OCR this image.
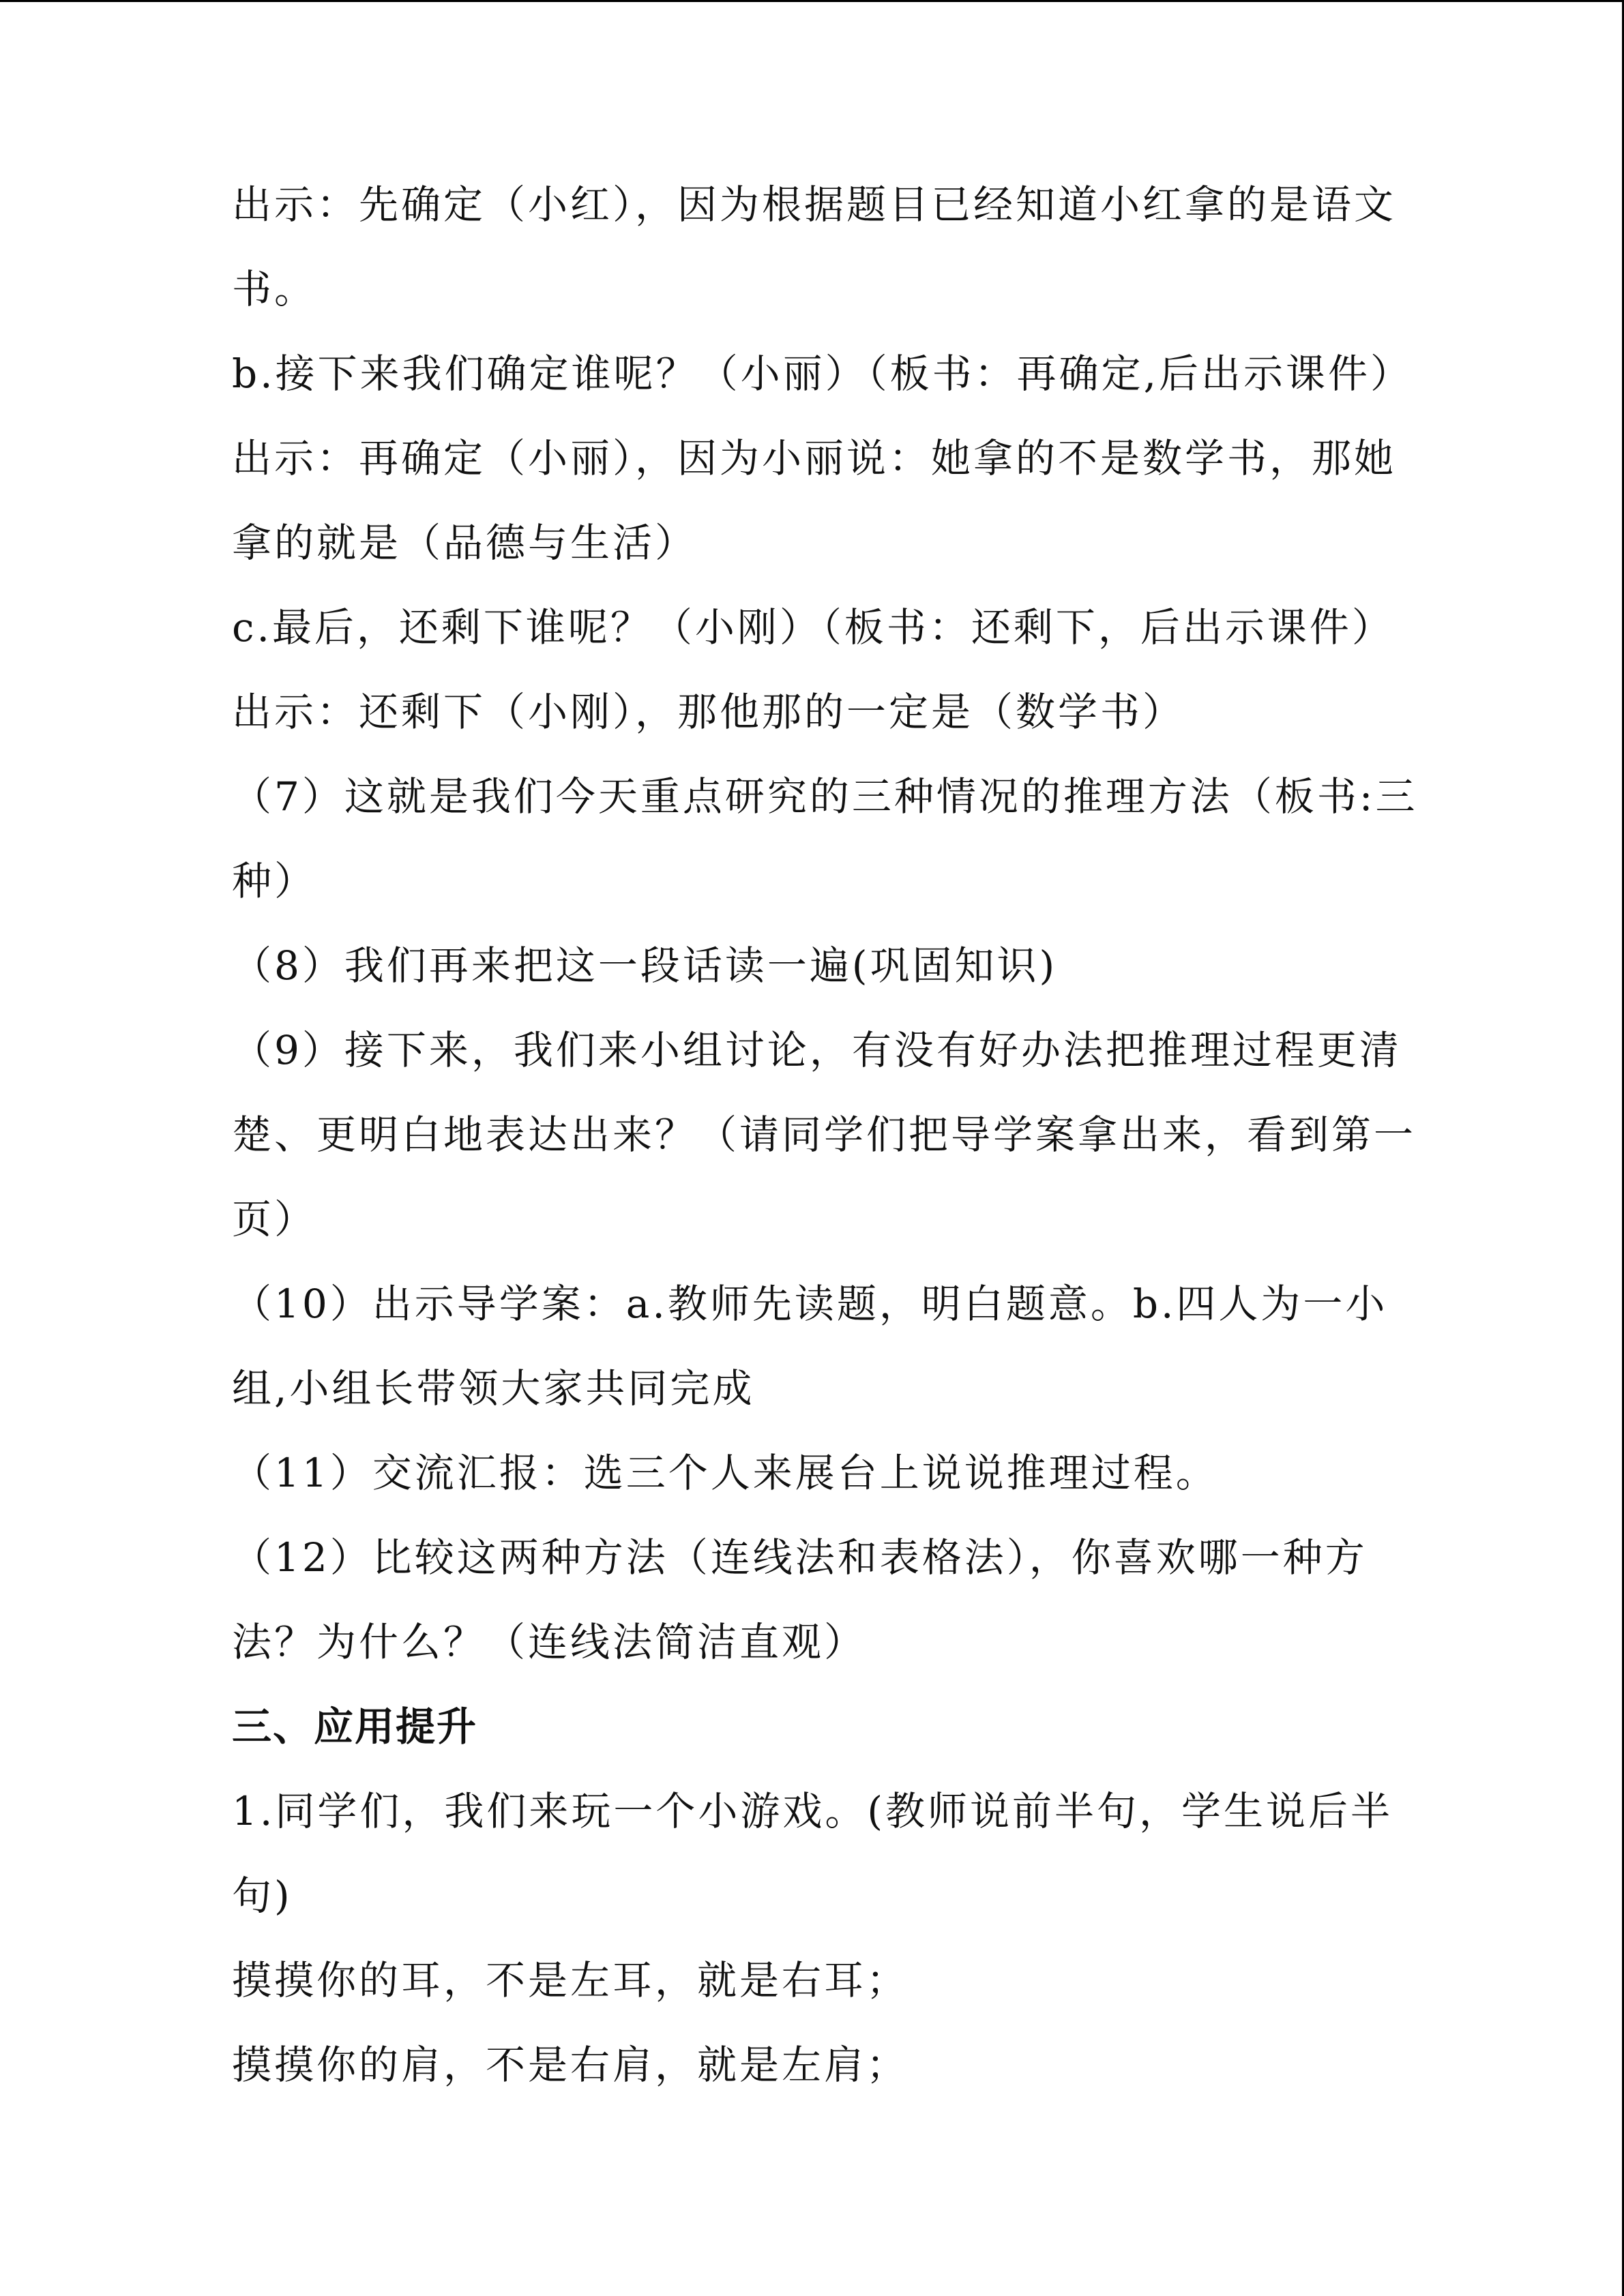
出示：先确定（小红），因为根据题目已经知道小红拿的是语文
书。
b.接下来我们确定谁呢？（小丽）（板书：再确定,后出示课件）
出示：再确定（小丽），因为小丽说：她拿的不是数学书，那她
拿的就是（品德与生活）
c.最后，还剩下谁呢？（小刚）（板书：还剩下，后出示课件）
出示：还剩下（小刚），那他那的一定是（数学书）
（7）这就是我们今天重点研究的三种情况的推理方法（板书:三
种）
（8）我们再来把这一段话读一遍(巩固知识)
（9）接下来，我们来小组讨论，有没有好办法把推理过程更清
楚、更明白地表达出来？（请同学们把导学案拿出来，看到第一
页）
（10）出示导学案：a.教师先读题，明白题意。b.四人为一小
组,小组长带领大家共同完成
（11）交流汇报：选三个人来展台上说说推理过程。
（12）比较这两种方法（连线法和表格法），你喜欢哪一种方
法？为什么？（连线法简洁直观）
三、应用提升
1.同学们，我们来玩一个小游戏。(教师说前半句，学生说后半
句)
摸摸你的耳，不是左耳，就是右耳；
摸摸你的肩，不是右肩，就是左肩；
